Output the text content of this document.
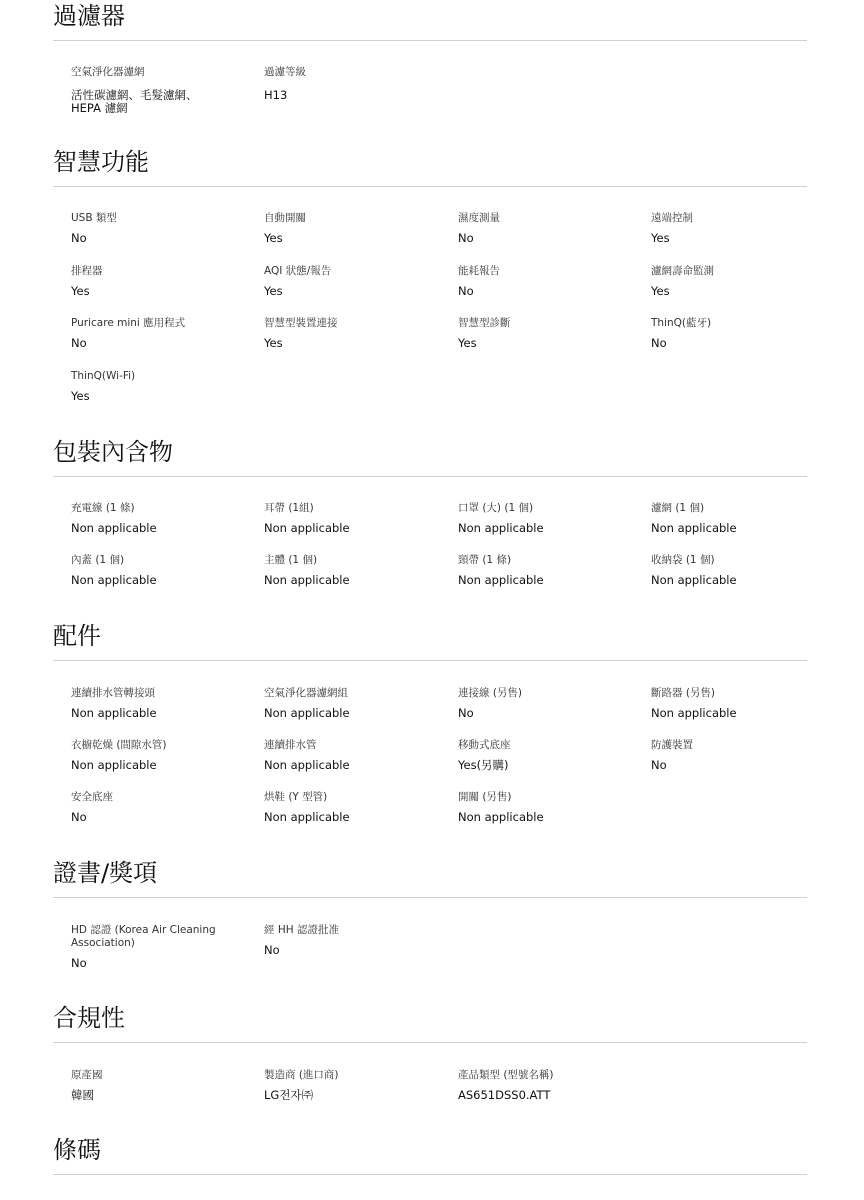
過濾器
空氣淨化器濾網
活性碳濾網、毛髮濾網、HEPA 濾網
過濾等級
H13
智慧功能
USB 類型
No
自動開關
Yes
濕度測量
No
遠端控制
Yes
排程器
Yes
AQI 狀態/報告
Yes
能耗報告
No
濾網壽命監測
Yes
Puricare mini 應用程式
No
智慧型裝置連接
Yes
智慧型診斷
Yes
ThinQ(藍牙)
No
ThinQ(Wi-Fi)
Yes
包裝內含物
充電線 (1 條)
Non applicable
耳帶 (1組)
Non applicable
口罩 (大) (1 個)
Non applicable
濾網 (1 個)
Non applicable
內蓋 (1 個)
Non applicable
主體 (1 個)
Non applicable
頸帶 (1 條)
Non applicable
收納袋 (1 個)
Non applicable
配件
連續排水管轉接頭
Non applicable
空氣淨化器濾網組
Non applicable
連接線 (另售)
No
斷路器 (另售)
Non applicable
衣櫥乾燥 (間隙水管)
Non applicable
連續排水管
Non applicable
移動式底座
Yes(另購)
防護裝置
No
安全底座
No
烘鞋 (Y 型管)
Non applicable
開關 (另售)
Non applicable
證書/獎項
HD 認證 (Korea Air Cleaning Association)
No
經 HH 認證批准
No
合規性
原產國
韓國
製造商 (進口商)
LG전자㈜
產品類型 (型號名稱)
AS651DSS0.ATT
條碼
